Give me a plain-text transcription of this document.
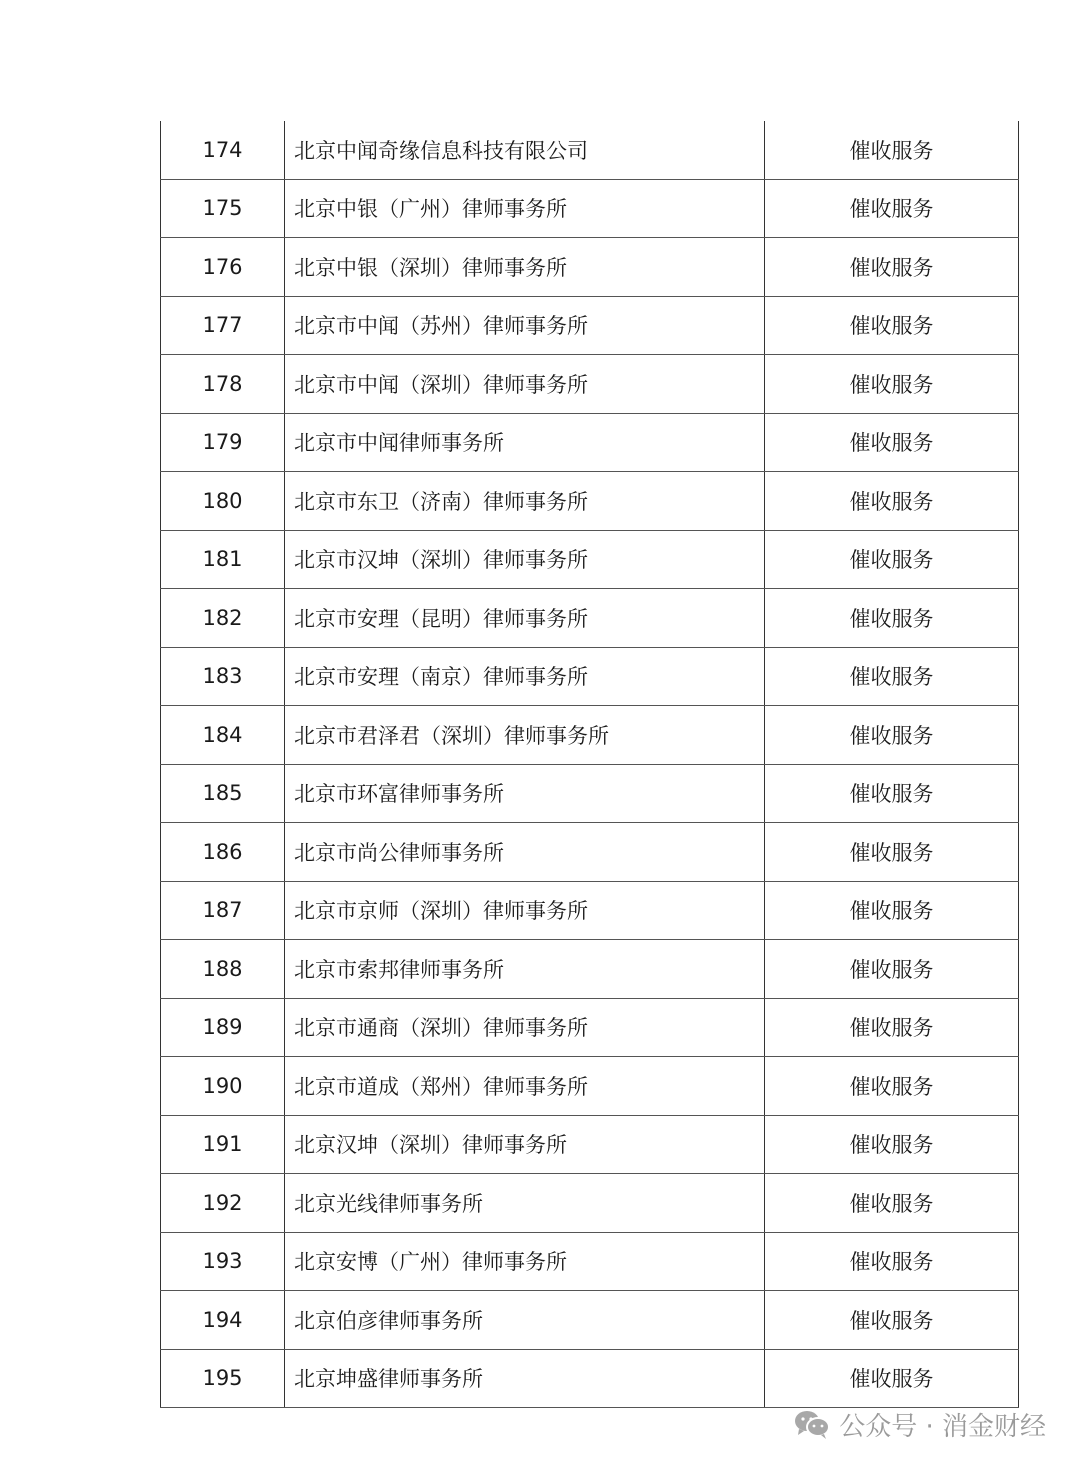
174	北京中闻奇缘信息科技有限公司	催收服务
175	北京中银（广州）律师事务所	催收服务
176	北京中银（深圳）律师事务所	催收服务
177	北京市中闻（苏州）律师事务所	催收服务
178	北京市中闻（深圳）律师事务所	催收服务
179	北京市中闻律师事务所	催收服务
180	北京市东卫（济南）律师事务所	催收服务
181	北京市汉坤（深圳）律师事务所	催收服务
182	北京市安理（昆明）律师事务所	催收服务
183	北京市安理（南京）律师事务所	催收服务
184	北京市君泽君（深圳）律师事务所	催收服务
185	北京市环富律师事务所	催收服务
186	北京市尚公律师事务所	催收服务
187	北京市京师（深圳）律师事务所	催收服务
188	北京市索邦律师事务所	催收服务
189	北京市通商（深圳）律师事务所	催收服务
190	北京市道成（郑州）律师事务所	催收服务
191	北京汉坤（深圳）律师事务所	催收服务
192	北京光线律师事务所	催收服务
193	北京安博（广州）律师事务所	催收服务
194	北京伯彦律师事务所	催收服务
195	北京坤盛律师事务所	催收服务
公众号 · 消金财经
